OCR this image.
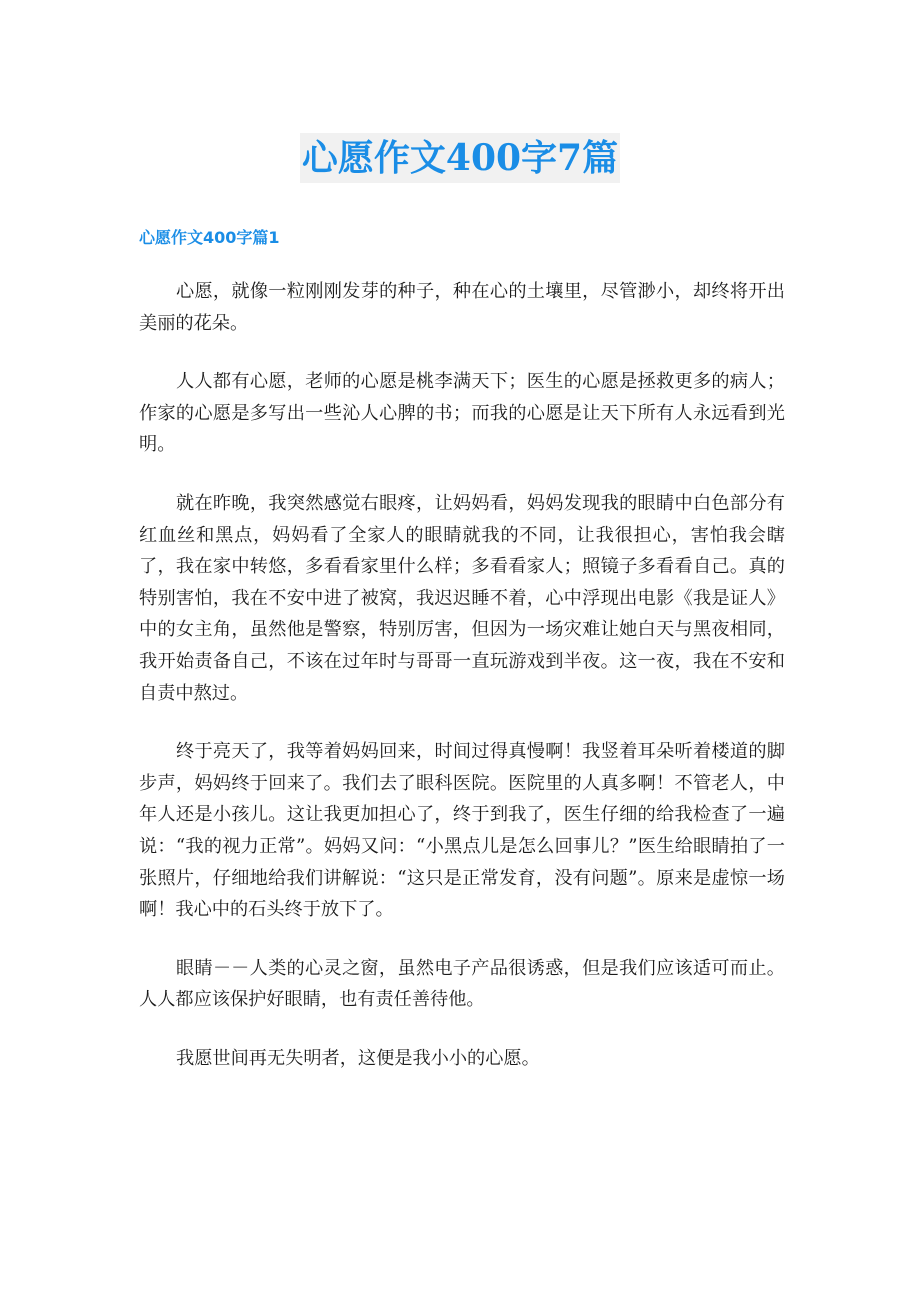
心愿作文400字7篇
心愿作文400字篇1

心愿，就像一粒刚刚发芽的种子，种在心的土壤里，尽管渺小，却终将开出美丽的花朵。

人人都有心愿，老师的心愿是桃李满天下；医生的心愿是拯救更多的病人；作家的心愿是多写出一些沁人心脾的书；而我的心愿是让天下所有人永远看到光明。

就在昨晚，我突然感觉右眼疼，让妈妈看，妈妈发现我的眼睛中白色部分有红血丝和黑点，妈妈看了全家人的眼睛就我的不同，让我很担心，害怕我会瞎了，我在家中转悠，多看看家里什么样；多看看家人；照镜子多看看自己。真的特别害怕，我在不安中进了被窝，我迟迟睡不着，心中浮现出电影《我是证人》中的女主角，虽然他是警察，特别厉害，但因为一场灾难让她白天与黑夜相同，我开始责备自己，不该在过年时与哥哥一直玩游戏到半夜。这一夜，我在不安和自责中熬过。

终于亮天了，我等着妈妈回来，时间过得真慢啊！我竖着耳朵听着楼道的脚步声，妈妈终于回来了。我们去了眼科医院。医院里的人真多啊！不管老人，中年人还是小孩儿。这让我更加担心了，终于到我了，医生仔细的给我检查了一遍说：“我的视力正常”。妈妈又问：“小黑点儿是怎么回事儿？”医生给眼睛拍了一张照片，仔细地给我们讲解说：“这只是正常发育，没有问题”。原来是虚惊一场啊！我心中的石头终于放下了。

眼睛－－人类的心灵之窗，虽然电子产品很诱惑，但是我们应该适可而止。人人都应该保护好眼睛，也有责任善待他。

我愿世间再无失明者，这便是我小小的心愿。
